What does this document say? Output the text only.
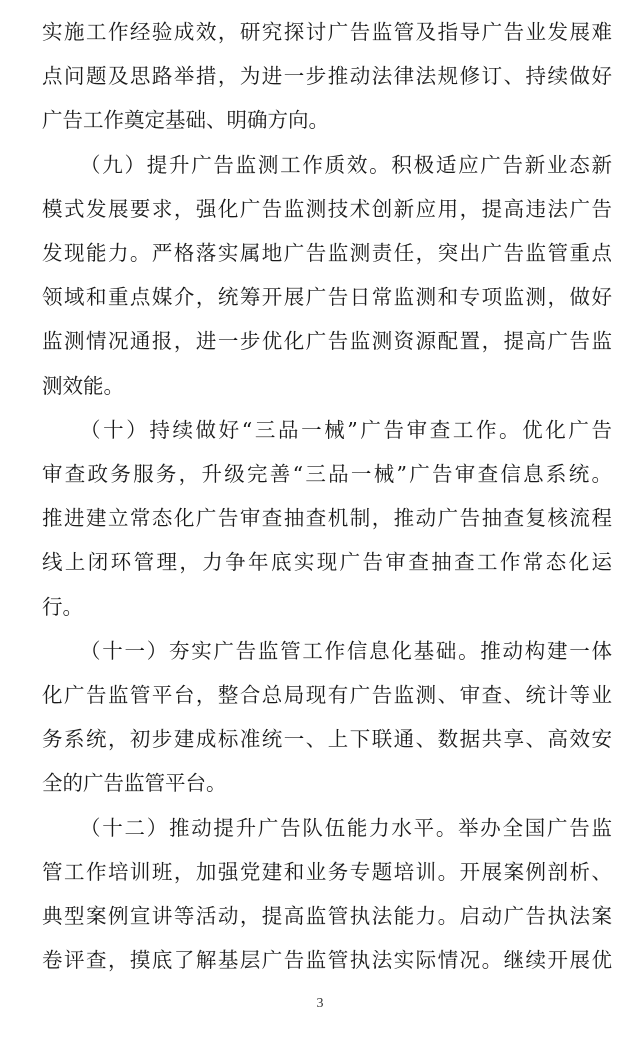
实施工作经验成效，研究探讨广告监管及指导广告业发展难
点问题及思路举措，为进一步推动法律法规修订、持续做好
广告工作奠定基础、明确方向。
（九）提升广告监测工作质效。积极适应广告新业态新
模式发展要求，强化广告监测技术创新应用，提高违法广告
发现能力。严格落实属地广告监测责任，突出广告监管重点
领域和重点媒介，统筹开展广告日常监测和专项监测，做好
监测情况通报，进一步优化广告监测资源配置，提高广告监
测效能。
（十）持续做好“三品一械”广告审查工作。优化广告
审查政务服务，升级完善“三品一械”广告审查信息系统。
推进建立常态化广告审查抽查机制，推动广告抽查复核流程
线上闭环管理，力争年底实现广告审查抽查工作常态化运
行。
（十一）夯实广告监管工作信息化基础。推动构建一体
化广告监管平台，整合总局现有广告监测、审查、统计等业
务系统，初步建成标准统一、上下联通、数据共享、高效安
全的广告监管平台。
（十二）推动提升广告队伍能力水平。举办全国广告监
管工作培训班，加强党建和业务专题培训。开展案例剖析、
典型案例宣讲等活动，提高监管执法能力。启动广告执法案
3
卷评查，摸底了解基层广告监管执法实际情况。继续开展优
